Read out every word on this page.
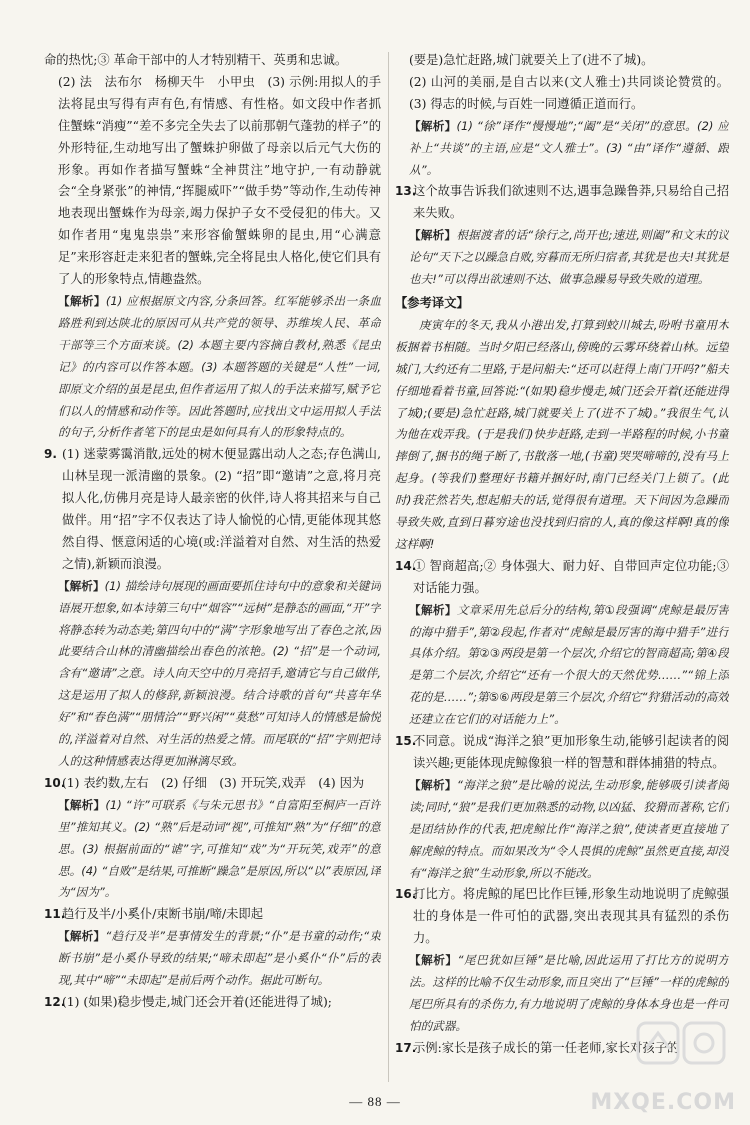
命的热忱;③ 革命干部中的人才特别精干、英勇和忠诚。
(2) 法　法布尔　杨柳天牛　小甲虫　(3) 示例:用拟人的手法将昆虫写得有声有色,有情感、有性格。如文段中作者抓住蟹蛛“消瘦”“差不多完全失去了以前那朝气蓬勃的样子”的外形特征,生动地写出了蟹蛛护卵做了母亲以后元气大伤的形象。再如作者描写蟹蛛“全神贯注”地守护,一有动静就会“全身紧张”的神情,“挥腿威吓”“做手势”等动作,生动传神地表现出蟹蛛作为母亲,竭力保护子女不受侵犯的伟大。又如作者用“鬼鬼祟祟”来形容偷蟹蛛卵的昆虫,用“心满意足”来形容赶走来犯者的蟹蛛,完全将昆虫人格化,使它们具有了人的形象特点,情趣盎然。
【解析】(1) 应根据原文内容,分条回答。红军能够杀出一条血路胜利到达陕北的原因可从共产党的领导、苏维埃人民、革命干部等三个方面来谈。(2) 本题主要内容摘自教材,熟悉《昆虫记》的内容可以作答本题。(3) 本题答题的关键是“人性”一词,即原文介绍的虽是昆虫,但作者运用了拟人的手法来描写,赋予它们以人的情感和动作等。因此答题时,应找出文中运用拟人手法的句子,分析作者笔下的昆虫是如何具有人的形象特点的。
9. (1) 迷蒙雾霭消散,远处的树木便显露出动人之态;存色满山,山林呈现一派清幽的景象。(2) “招”即“邀请”之意,将月亮拟人化,仿佛月亮是诗人最亲密的伙伴,诗人将其招来与自己做伴。用“招”字不仅表达了诗人愉悦的心情,更能体现其悠然自得、惬意闲适的心境(或:洋溢着对自然、对生活的热爱之情),新颖而浪漫。
【解析】(1) 描绘诗句展现的画面要抓住诗句中的意象和关键词语展开想象,如本诗第三句中“烟容”“远树”是静态的画面,“开”字将静态转为动态美;第四句中的“满”字形象地写出了春色之浓,因此要结合山林的清幽描绘出春色的浓艳。(2) “招”是一个动词,含有“邀请”之意。诗人向天空中的月亮招手,邀请它与自己做伴,这是运用了拟人的修辞,新颖浪漫。结合诗歌的首句“共喜年华好”和“春色满”“朋情洽”“野兴闲”“莫愁”可知诗人的情感是愉悦的,洋溢着对自然、对生活的热爱之情。而尾联的“招”字则把诗人的这种情感表达得更加淋漓尽致。
10.
(1) 表约数,左右　(2) 仔细　(3) 开玩笑,戏弄　(4) 因为
【解析】(1) “许”可联系《与朱元思书》“自富阳至桐庐一百许里”推知其义。(2) “熟”后是动词“视”,可推知“熟”为“仔细”的意思。(3) 根据前面的“谑”字,可推知“戏”为“开玩笑,戏弄”的意思。(4) “自败”是结果,可推断“躁急”是原因,所以“以”表原因,译为“因为”。
11.
趋行及半/小奚仆/束断书崩/啼/未即起
【解析】“趋行及半”是事情发生的背景;“仆”是书童的动作;“束断书崩”是小奚仆导致的结果;“啼未即起”是小奚仆“仆”后的表现,其中“啼”“未即起”是前后两个动作。据此可断句。
12.
(1) (如果)稳步慢走,城门还会开着(还能进得了城);
(要是)急忙赶路,城门就要关上了(进不了城)。
(2) 山河的美丽,是自古以来(文人雅士)共同谈论赞赏的。(3) 得志的时候,与百姓一同遵循正道而行。
【解析】(1) “徐”译作“慢慢地”;“阖”是“关闭”的意思。(2) 应补上“共谈”的主语,应是“文人雅士”。(3) “由”译作“遵循、跟从”。
13.
这个故事告诉我们欲速则不达,遇事急躁鲁莽,只易给自己招来失败。
【解析】根据渡者的话“徐行之,尚开也;速进,则阖”和文末的议论句“天下之以躁急自败,穷暮而无所归宿者,其犹是也夫!其犹是也夫!”可以得出欲速则不达、做事急躁易导致失败的道理。
【参考译文】
庚寅年的冬天,我从小港出发,打算到蛟川城去,吩咐书童用木板捆着书相随。当时夕阳已经落山,傍晚的云雾环绕着山林。远望城门,大约还有二里路,于是问船夫:“还可以赶得上南门开吗?”船夫仔细地看着书童,回答说:“(如果)稳步慢走,城门还会开着(还能进得了城);(要是)急忙赶路,城门就要关上了(进不了城)。”我很生气,认为他在戏弄我。(于是我们)快步赶路,走到一半路程的时候,小书童摔倒了,捆书的绳子断了,书散落一地,(书童)哭哭啼啼的,没有马上起身。(等我们)整理好书籍并捆好时,南门已经关门上锁了。(此时)我茫然若失,想起船夫的话,觉得很有道理。天下间因为急躁而导致失败,直到日暮穷途也没找到归宿的人,真的像这样啊!真的像这样啊!
14.
① 智商超高;② 身体强大、耐力好、自带回声定位功能;③ 对话能力强。
【解析】文章采用先总后分的结构,第①段强调“虎鲸是最厉害的海中猎手”,第②段起,作者对“虎鲸是最厉害的海中猎手”进行具体介绍。第②③两段是第一个层次,介绍它的智商超高;第④段是第二个层次,介绍它“还有一个很大的天然优势……”“锦上添花的是……”;第⑤⑥两段是第三个层次,介绍它“狩猎活动的高效还建立在它们的对话能力上”。
15.
不同意。说成“海洋之狼”更加形象生动,能够引起读者的阅读兴趣;更能体现虎鲸像狼一样的智慧和群体捕猎的特点。
【解析】“海洋之狼”是比喻的说法,生动形象,能够吸引读者阅读;同时,“狼”是我们更加熟悉的动物,以凶猛、狡猾而著称,它们是团结协作的代表,把虎鲸比作“海洋之狼”,使读者更直接地了解虎鲸的特点。而如果改为“令人畏惧的虎鲸”虽然更直接,却没有“海洋之狼”生动形象,所以不能改。
16.
打比方。将虎鲸的尾巴比作巨锤,形象生动地说明了虎鲸强壮的身体是一件可怕的武器,突出表现其具有猛烈的杀伤力。
【解析】“尾巴犹如巨锤”是比喻,因此运用了打比方的说明方法。这样的比喻不仅生动形象,而且突出了“巨锤”一样的虎鲸的尾巴所具有的杀伤力,有力地说明了虎鲸的身体本身也是一件可怕的武器。
17.
示例:家长是孩子成长的第一任老师,家长对孩子的
— 88 —	MXQE.COM
